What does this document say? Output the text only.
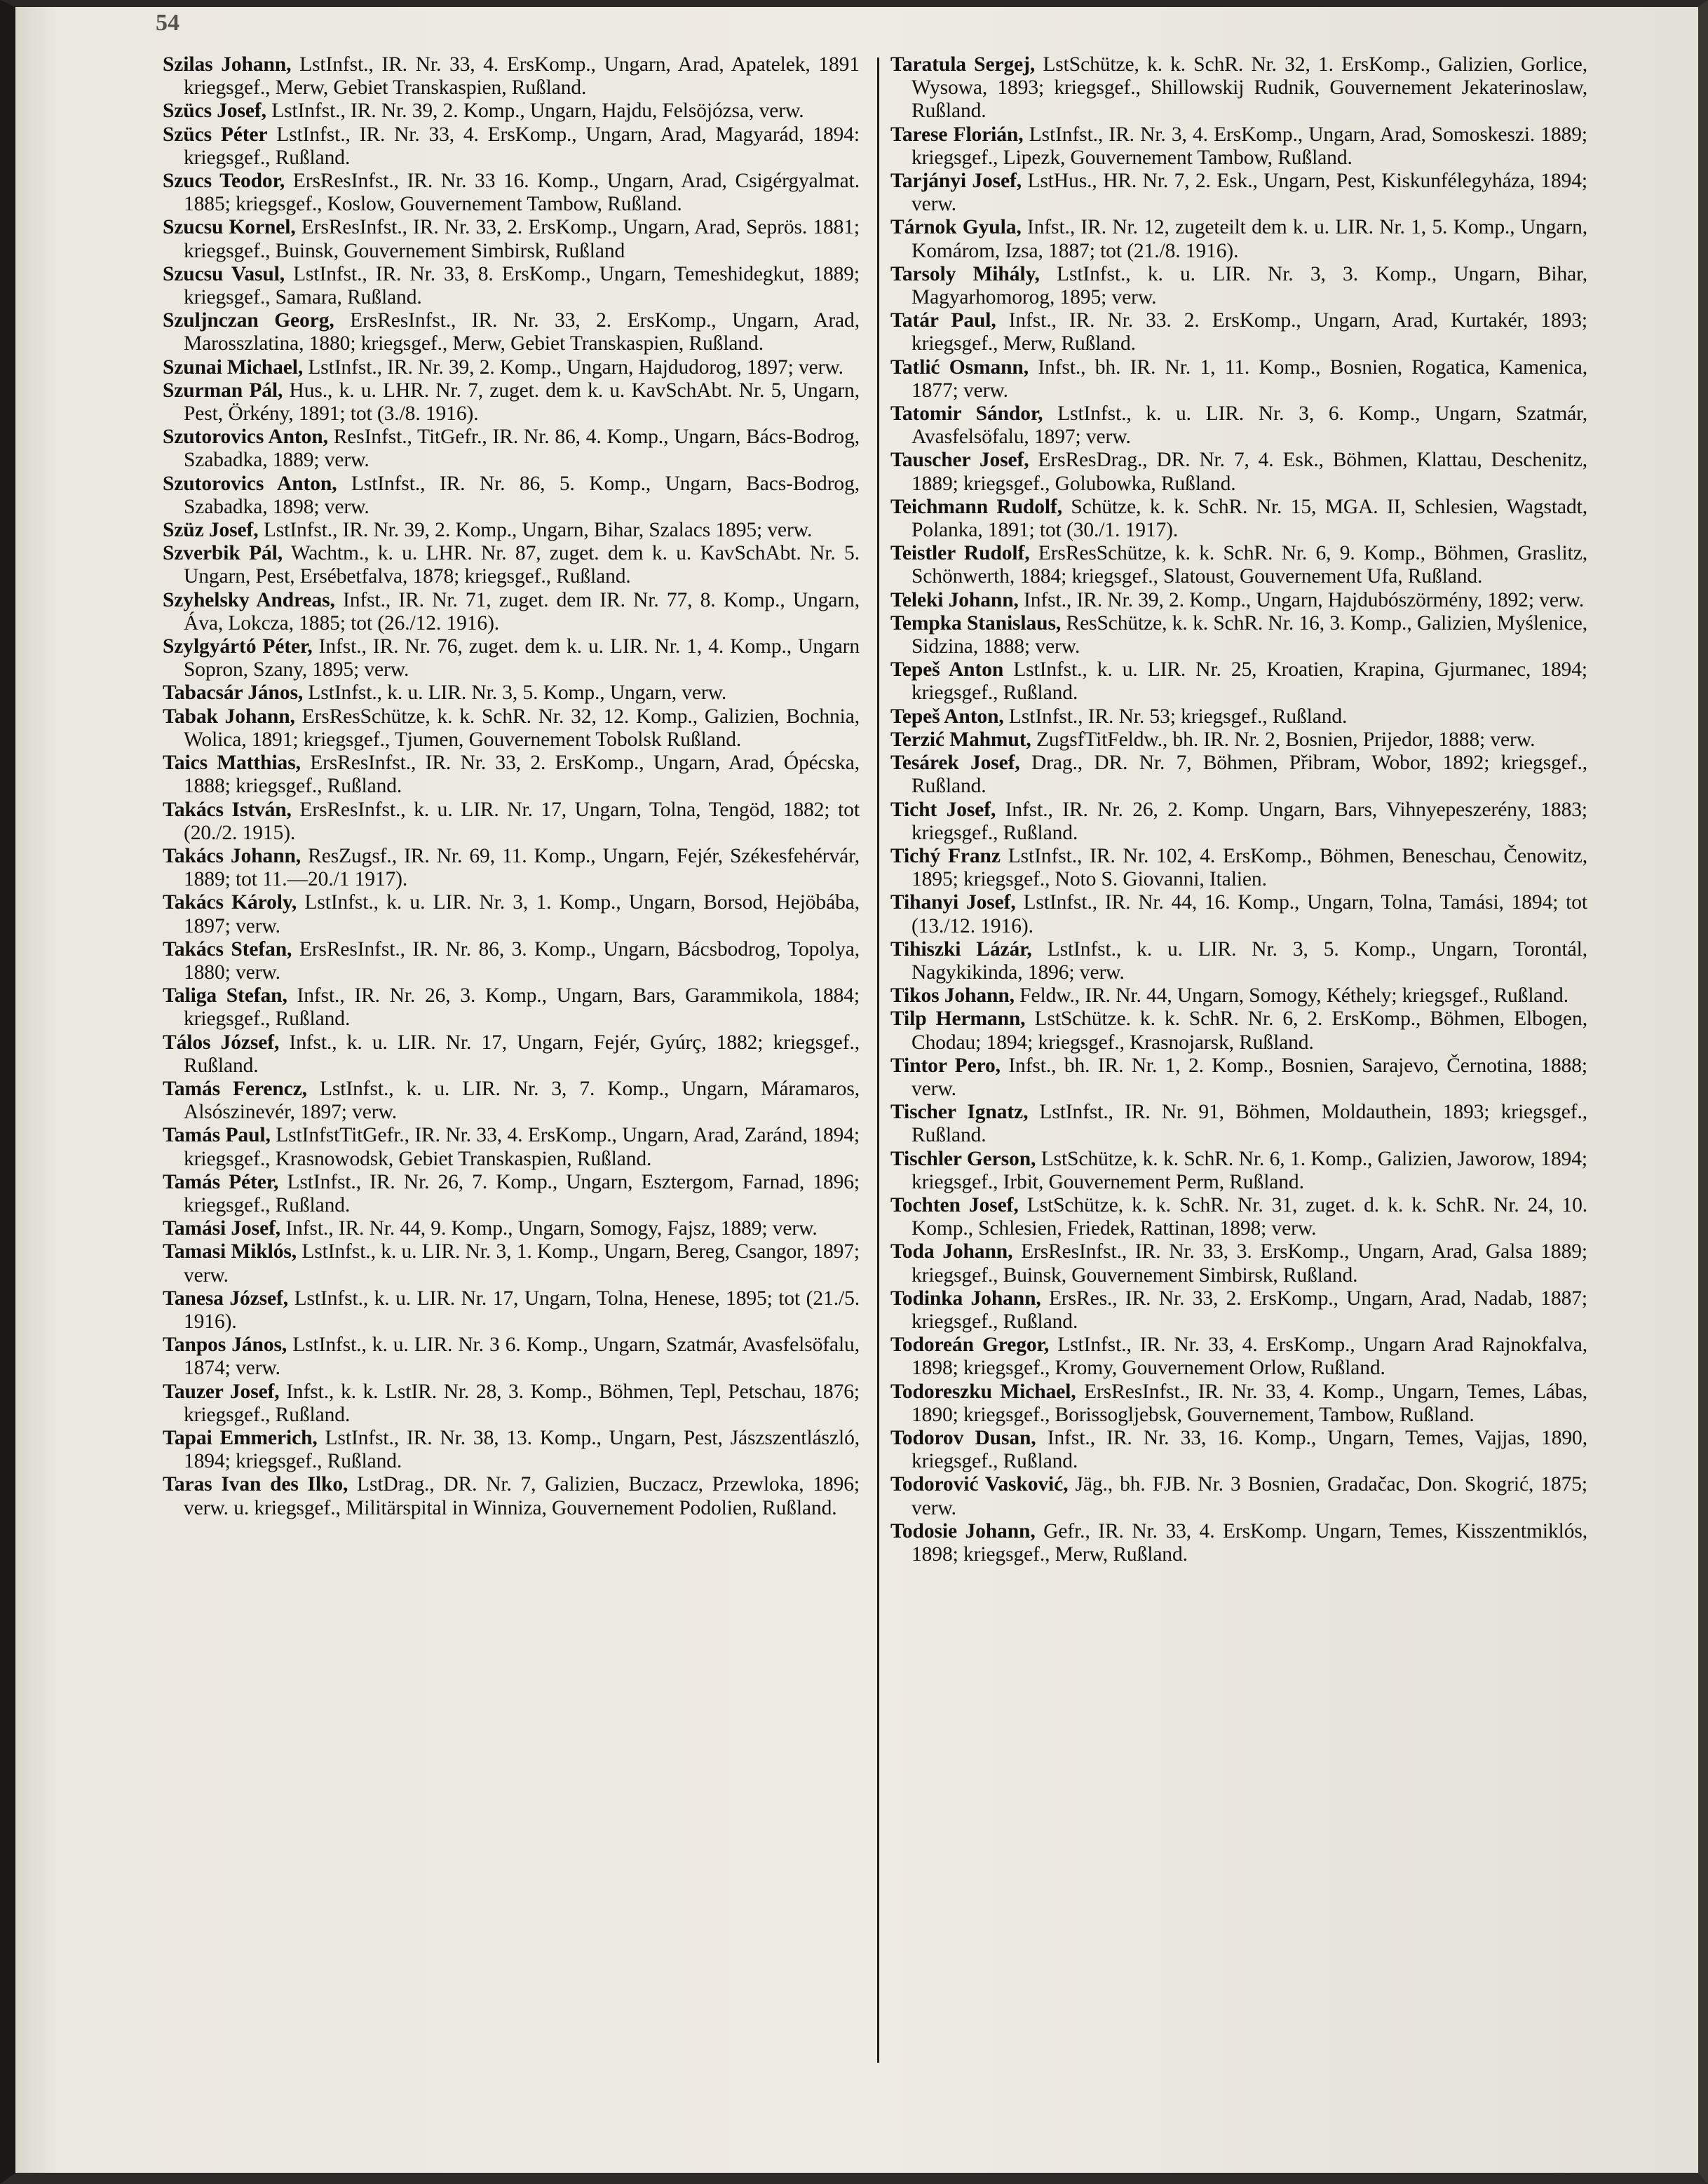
54

Szilas Johann, LstInfst., IR. Nr. 33, 4. ErsKomp., Ungarn, Arad, Apatelek, 1891 kriegsgef., Merw, Gebiet Transkaspien, Rußland.

Szücs Josef, LstInfst., IR. Nr. 39, 2. Komp., Ungarn, Hajdu, Felsöjózsa, verw.

Szücs Péter LstInfst., IR. Nr. 33, 4. ErsKomp., Ungarn, Arad, Magyarád, 1894: kriegsgef., Rußland.

Szucs Teodor, ErsResInfst., IR. Nr. 33 16. Komp., Ungarn, Arad, Csigérgyalmat. 1885; kriegsgef., Koslow, Gouvernement Tambow, Rußland.

Szucsu Kornel, ErsResInfst., IR. Nr. 33, 2. ErsKomp., Ungarn, Arad, Seprös. 1881; kriegsgef., Buinsk, Gouvernement Simbirsk, Rußland

Szucsu Vasul, LstInfst., IR. Nr. 33, 8. ErsKomp., Ungarn, Temeshidegkut, 1889; kriegsgef., Samara, Rußland.

Szuljnczan Georg, ErsResInfst., IR. Nr. 33, 2. ErsKomp., Ungarn, Arad, Marosszlatina, 1880; kriegsgef., Merw, Gebiet Transkaspien, Rußland.

Szunai Michael, LstInfst., IR. Nr. 39, 2. Komp., Ungarn, Hajdudorog, 1897; verw.

Szurman Pál, Hus., k. u. LHR. Nr. 7, zuget. dem k. u. KavSchAbt. Nr. 5, Ungarn, Pest, Örkény, 1891; tot (3./8. 1916).

Szutorovics Anton, ResInfst., TitGefr., IR. Nr. 86, 4. Komp., Ungarn, Bács-Bodrog, Szabadka, 1889; verw.

Szutorovics Anton, LstInfst., IR. Nr. 86, 5. Komp., Ungarn, Bacs-Bodrog, Szabadka, 1898; verw.

Szüz Josef, LstInfst., IR. Nr. 39, 2. Komp., Ungarn, Bihar, Szalacs 1895; verw.

Szverbik Pál, Wachtm., k. u. LHR. Nr. 87, zuget. dem k. u. KavSchAbt. Nr. 5. Ungarn, Pest, Ersébetfalva, 1878; kriegsgef., Rußland.

Szyhelsky Andreas, Infst., IR. Nr. 71, zuget. dem IR. Nr. 77, 8. Komp., Ungarn, Áva, Lokcza, 1885; tot (26./12. 1916).

Szylgyártó Péter, Infst., IR. Nr. 76, zuget. dem k. u. LIR. Nr. 1, 4. Komp., Ungarn Sopron, Szany, 1895; verw.

Tabacsár János, LstInfst., k. u. LIR. Nr. 3, 5. Komp., Ungarn, verw.

Tabak Johann, ErsResSchütze, k. k. SchR. Nr. 32, 12. Komp., Galizien, Bochnia, Wolica, 1891; kriegsgef., Tjumen, Gouvernement Tobolsk Rußland.

Taics Matthias, ErsResInfst., IR. Nr. 33, 2. ErsKomp., Ungarn, Arad, Ópécska, 1888; kriegsgef., Rußland.

Takács István, ErsResInfst., k. u. LIR. Nr. 17, Ungarn, Tolna, Tengöd, 1882; tot (20./2. 1915).

Takács Johann, ResZugsf., IR. Nr. 69, 11. Komp., Ungarn, Fejér, Székesfehérvár, 1889; tot 11.—20./1 1917).

Takács Károly, LstInfst., k. u. LIR. Nr. 3, 1. Komp., Ungarn, Borsod, Hejöbába, 1897; verw.

Takács Stefan, ErsResInfst., IR. Nr. 86, 3. Komp., Ungarn, Bácsbodrog, Topolya, 1880; verw.

Taliga Stefan, Infst., IR. Nr. 26, 3. Komp., Ungarn, Bars, Garammikola, 1884; kriegsgef., Rußland.

Tálos József, Infst., k. u. LIR. Nr. 17, Ungarn, Fejér, Gyúrç, 1882; kriegsgef., Rußland.

Tamás Ferencz, LstInfst., k. u. LIR. Nr. 3, 7. Komp., Ungarn, Máramaros, Alsószinevér, 1897; verw.

Tamás Paul, LstInfstTitGefr., IR. Nr. 33, 4. ErsKomp., Ungarn, Arad, Zaránd, 1894; kriegsgef., Krasnowodsk, Gebiet Transkaspien, Rußland.

Tamás Péter, LstInfst., IR. Nr. 26, 7. Komp., Ungarn, Esztergom, Farnad, 1896; kriegsgef., Rußland.

Tamási Josef, Infst., IR. Nr. 44, 9. Komp., Ungarn, Somogy, Fajsz, 1889; verw.

Tamasi Miklós, LstInfst., k. u. LIR. Nr. 3, 1. Komp., Ungarn, Bereg, Csangor, 1897; verw.

Tanesa József, LstInfst., k. u. LIR. Nr. 17, Ungarn, Tolna, Henese, 1895; tot (21./5. 1916).

Tanpos János, LstInfst., k. u. LIR. Nr. 3 6. Komp., Ungarn, Szatmár, Avasfelsöfalu, 1874; verw.

Tauzer Josef, Infst., k. k. LstIR. Nr. 28, 3. Komp., Böhmen, Tepl, Petschau, 1876; kriegsgef., Rußland.

Tapai Emmerich, LstInfst., IR. Nr. 38, 13. Komp., Ungarn, Pest, Jászszentlászló, 1894; kriegsgef., Rußland.

Taras Ivan des Ilko, LstDrag., DR. Nr. 7, Galizien, Buczacz, Przewloka, 1896; verw. u. kriegsgef., Militärspital in Winniza, Gouvernement Podolien, Rußland.

Taratula Sergej, LstSchütze, k. k. SchR. Nr. 32, 1. ErsKomp., Galizien, Gorlice, Wysowa, 1893; kriegsgef., Shillowskij Rudnik, Gouvernement Jekaterinoslaw, Rußland.

Tarese Florián, LstInfst., IR. Nr. 3, 4. ErsKomp., Ungarn, Arad, Somoskeszi. 1889; kriegsgef., Lipezk, Gouvernement Tambow, Rußland.

Tarjányi Josef, LstHus., HR. Nr. 7, 2. Esk., Ungarn, Pest, Kiskunfélegyháza, 1894; verw.

Tárnok Gyula, Infst., IR. Nr. 12, zugeteilt dem k. u. LIR. Nr. 1, 5. Komp., Ungarn, Komárom, Izsa, 1887; tot (21./8. 1916).

Tarsoly Mihály, LstInfst., k. u. LIR. Nr. 3, 3. Komp., Ungarn, Bihar, Magyarhomorog, 1895; verw.

Tatár Paul, Infst., IR. Nr. 33. 2. ErsKomp., Ungarn, Arad, Kurtakér, 1893; kriegsgef., Merw, Rußland.

Tatlić Osmann, Infst., bh. IR. Nr. 1, 11. Komp., Bosnien, Rogatica, Kamenica, 1877; verw.

Tatomir Sándor, LstInfst., k. u. LIR. Nr. 3, 6. Komp., Ungarn, Szatmár, Avasfelsöfalu, 1897; verw.

Tauscher Josef, ErsResDrag., DR. Nr. 7, 4. Esk., Böhmen, Klattau, Deschenitz, 1889; kriegsgef., Golubowka, Rußland.

Teichmann Rudolf, Schütze, k. k. SchR. Nr. 15, MGA. II, Schlesien, Wagstadt, Polanka, 1891; tot (30./1. 1917).

Teistler Rudolf, ErsResSchütze, k. k. SchR. Nr. 6, 9. Komp., Böhmen, Graslitz, Schönwerth, 1884; kriegsgef., Slatoust, Gouvernement Ufa, Rußland.

Teleki Johann, Infst., IR. Nr. 39, 2. Komp., Ungarn, Hajdubószörmény, 1892; verw.

Tempka Stanislaus, ResSchütze, k. k. SchR. Nr. 16, 3. Komp., Galizien, Myślenice, Sidzina, 1888; verw.

Tepeš Anton LstInfst., k. u. LIR. Nr. 25, Kroatien, Krapina, Gjurmanec, 1894; kriegsgef., Rußland.

Tepeš Anton, LstInfst., IR. Nr. 53; kriegsgef., Rußland.

Terzić Mahmut, ZugsfTitFeldw., bh. IR. Nr. 2, Bosnien, Prijedor, 1888; verw.

Tesárek Josef, Drag., DR. Nr. 7, Böhmen, Přibram, Wobor, 1892; kriegsgef., Rußland.

Ticht Josef, Infst., IR. Nr. 26, 2. Komp. Ungarn, Bars, Vihnyepeszerény, 1883; kriegsgef., Rußland.

Tichý Franz LstInfst., IR. Nr. 102, 4. ErsKomp., Böhmen, Beneschau, Čenowitz, 1895; kriegsgef., Noto S. Giovanni, Italien.

Tihanyi Josef, LstInfst., IR. Nr. 44, 16. Komp., Ungarn, Tolna, Tamási, 1894; tot (13./12. 1916).

Tihiszki Lázár, LstInfst., k. u. LIR. Nr. 3, 5. Komp., Ungarn, Torontál, Nagykikinda, 1896; verw.

Tikos Johann, Feldw., IR. Nr. 44, Ungarn, Somogy, Kéthely; kriegsgef., Rußland.

Tilp Hermann, LstSchütze. k. k. SchR. Nr. 6, 2. ErsKomp., Böhmen, Elbogen, Chodau; 1894; kriegsgef., Krasnojarsk, Rußland.

Tintor Pero, Infst., bh. IR. Nr. 1, 2. Komp., Bosnien, Sarajevo, Černotina, 1888; verw.

Tischer Ignatz, LstInfst., IR. Nr. 91, Böhmen, Moldauthein, 1893; kriegsgef., Rußland.

Tischler Gerson, LstSchütze, k. k. SchR. Nr. 6, 1. Komp., Galizien, Jaworow, 1894; kriegsgef., Irbit, Gouvernement Perm, Rußland.

Tochten Josef, LstSchütze, k. k. SchR. Nr. 31, zuget. d. k. k. SchR. Nr. 24, 10. Komp., Schlesien, Friedek, Rattinan, 1898; verw.

Toda Johann, ErsResInfst., IR. Nr. 33, 3. ErsKomp., Ungarn, Arad, Galsa 1889; kriegsgef., Buinsk, Gouvernement Simbirsk, Rußland.

Todinka Johann, ErsRes., IR. Nr. 33, 2. ErsKomp., Ungarn, Arad, Nadab, 1887; kriegsgef., Rußland.

Todoreán Gregor, LstInfst., IR. Nr. 33, 4. ErsKomp., Ungarn Arad Rajnokfalva, 1898; kriegsgef., Kromy, Gouvernement Orlow, Rußland.

Todoreszku Michael, ErsResInfst., IR. Nr. 33, 4. Komp., Ungarn, Temes, Lábas, 1890; kriegsgef., Borissogljebsk, Gouvernement, Tambow, Rußland.

Todorov Dusan, Infst., IR. Nr. 33, 16. Komp., Ungarn, Temes, Vajjas, 1890, kriegsgef., Rußland.

Todorović Vasković, Jäg., bh. FJB. Nr. 3 Bosnien, Gradačac, Don. Skogrić, 1875; verw.

Todosie Johann, Gefr., IR. Nr. 33, 4. ErsKomp. Ungarn, Temes, Kisszentmiklós, 1898; kriegsgef., Merw, Rußland.
